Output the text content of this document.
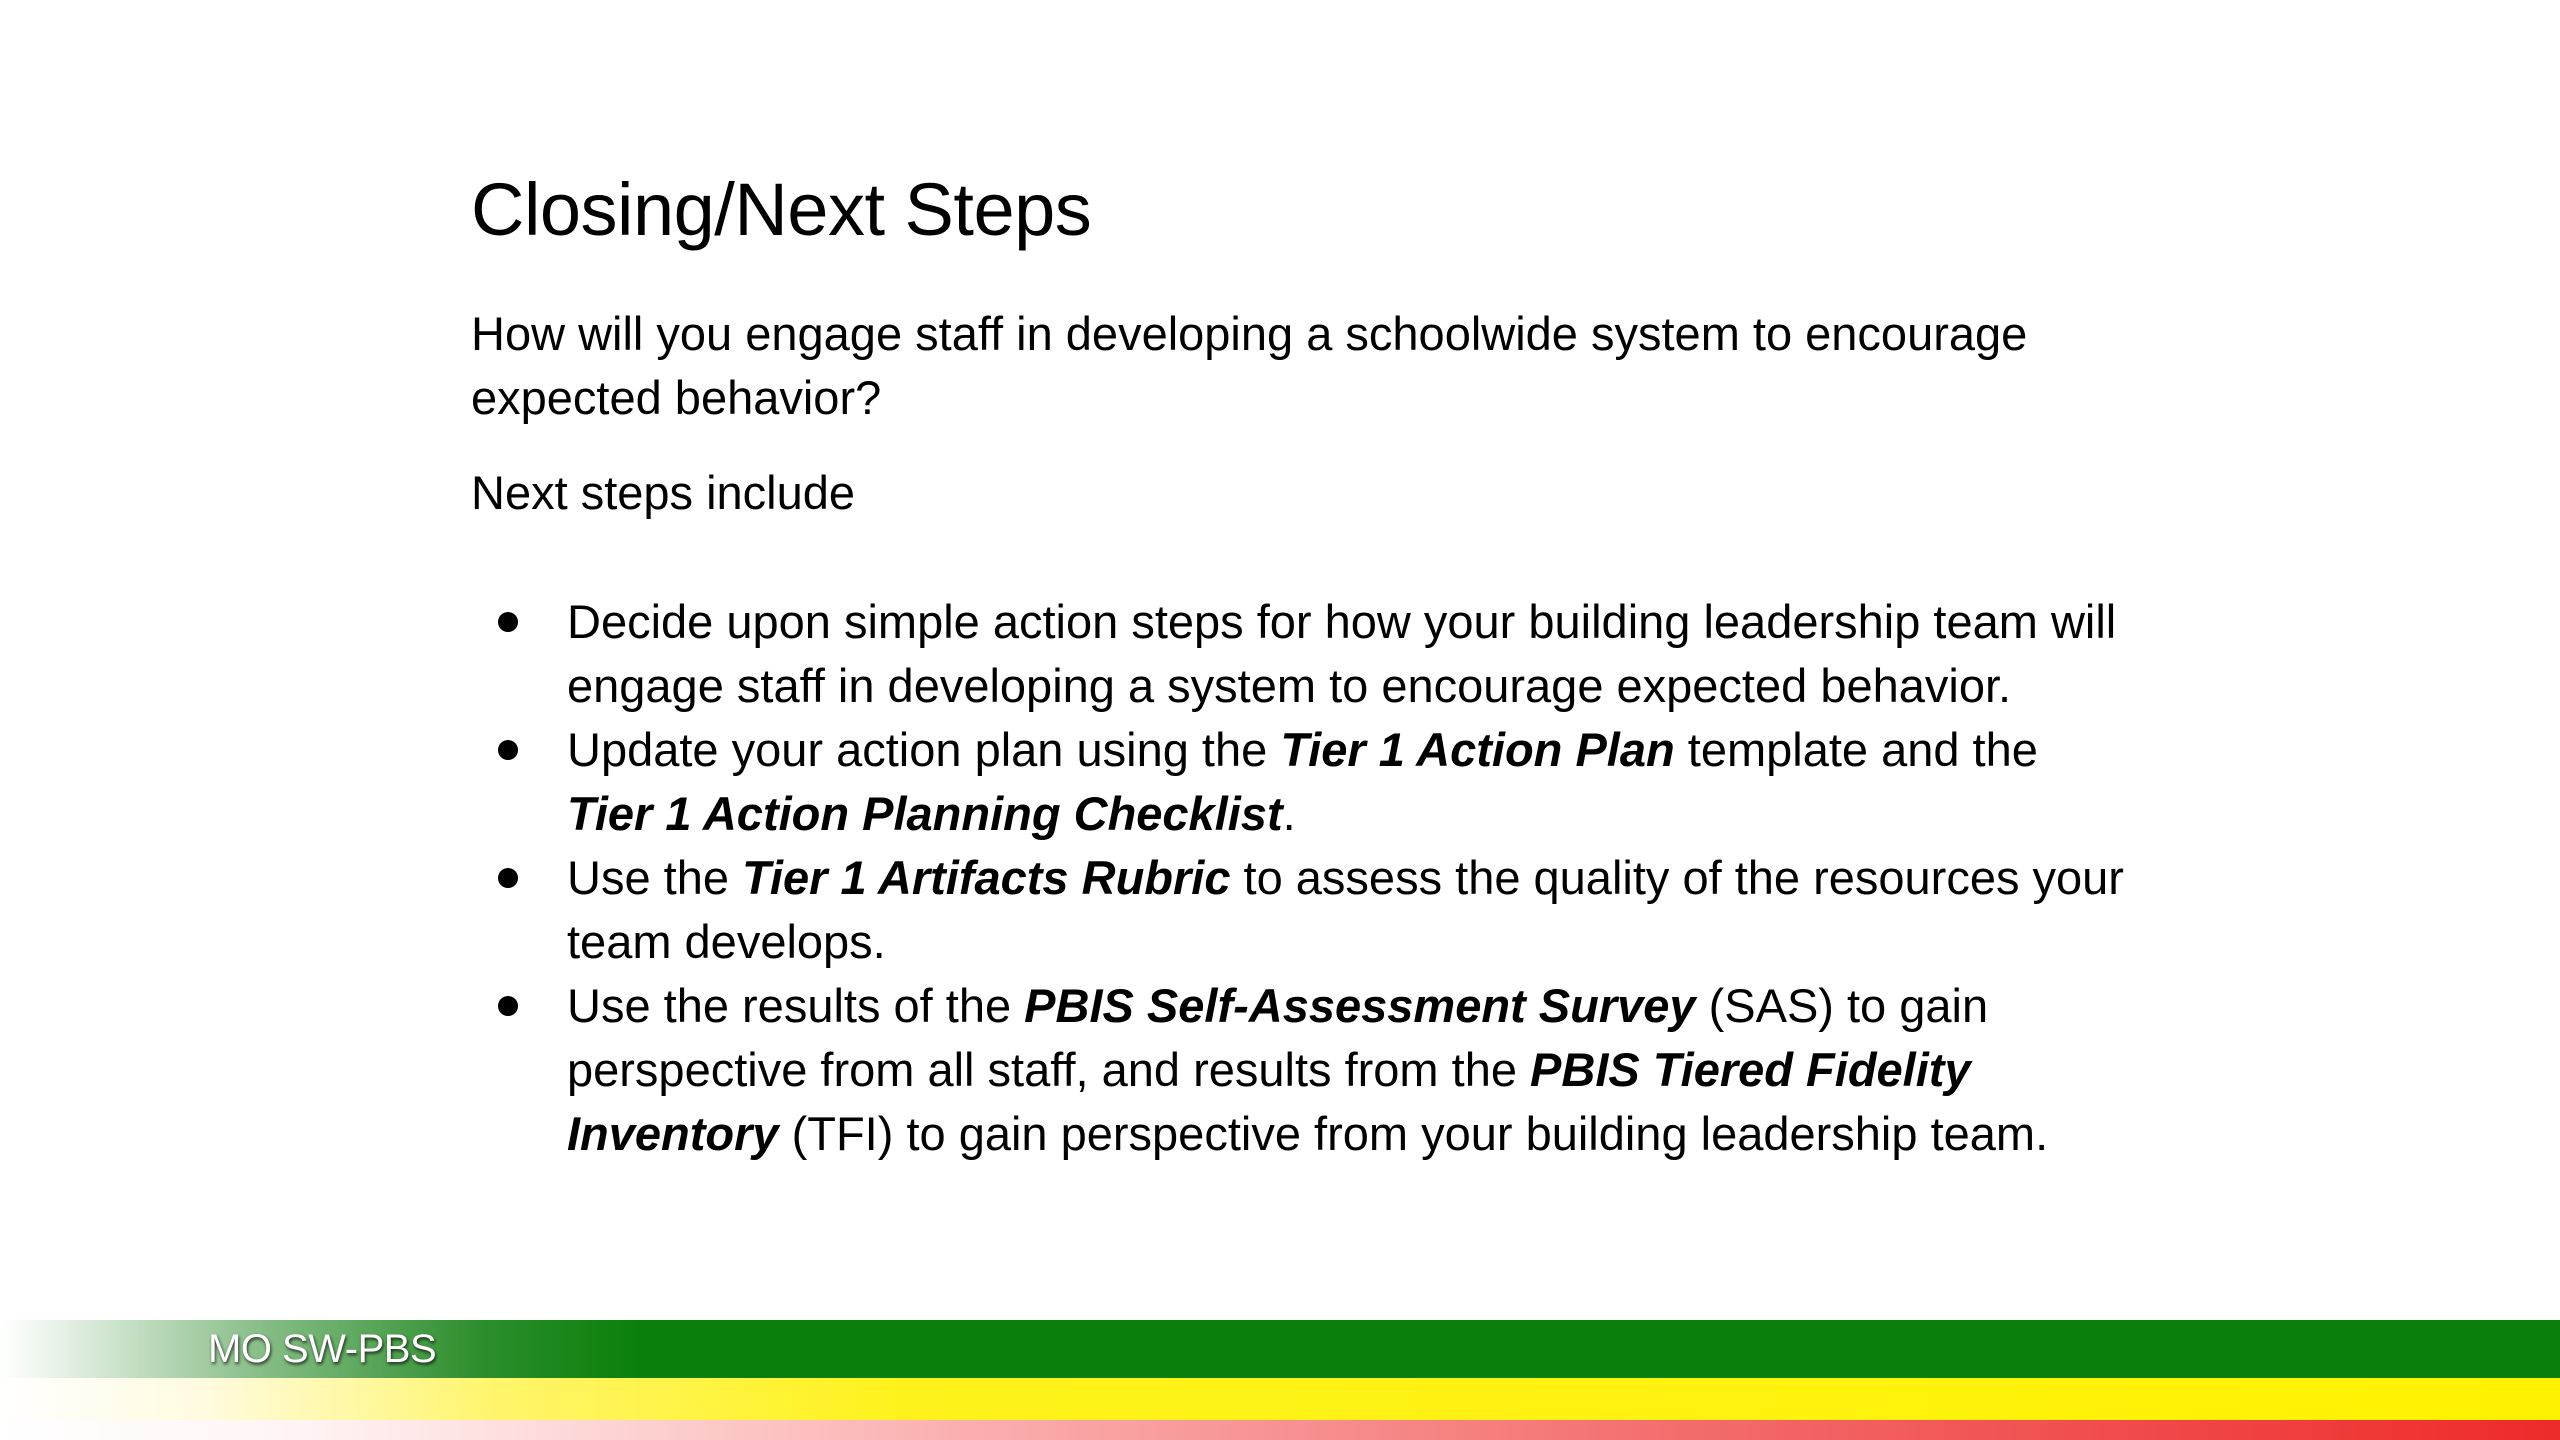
Closing/Next Steps

How will you engage staff in developing a schoolwide system to encourage expected behavior?

Next steps include

Decide upon simple action steps for how your building leadership team will engage staff in developing a system to encourage expected behavior.
Update your action plan using the Tier 1 Action Plan template and the Tier 1 Action Planning Checklist.
Use the Tier 1 Artifacts Rubric to assess the quality of the resources your team develops.
Use the results of the PBIS Self-Assessment Survey (SAS) to gain perspective from all staff, and results from the PBIS Tiered Fidelity Inventory (TFI) to gain perspective from your building leadership team.
MO SW-PBS
